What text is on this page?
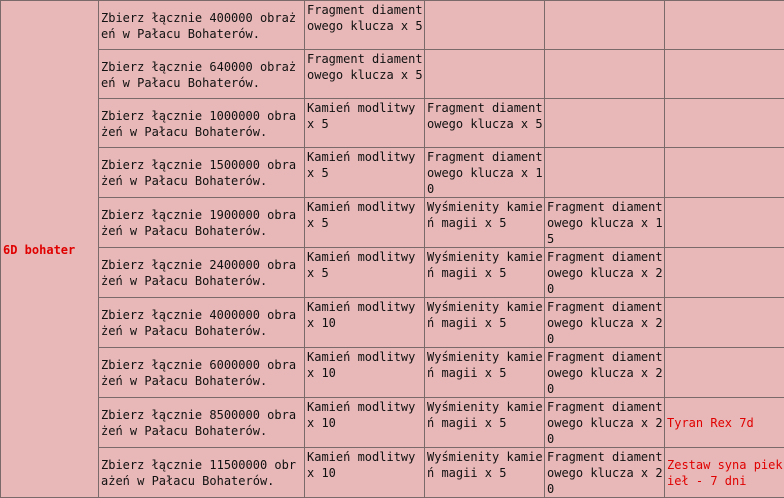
6D bohater	Zbierz łącznie 400000 obrażeń w Pałacu Bohaterów.	Fragment diamentowego klucza x 5			
	Zbierz łącznie 640000 obrażeń w Pałacu Bohaterów.	Fragment diamentowego klucza x 5			
	Zbierz łącznie 1000000 obrażeń w Pałacu Bohaterów.	Kamień modlitwy x 5	Fragment diamentowego klucza x 5		
	Zbierz łącznie 1500000 obrażeń w Pałacu Bohaterów.	Kamień modlitwy x 5	Fragment diamentowego klucza x 10		
	Zbierz łącznie 1900000 obrażeń w Pałacu Bohaterów.	Kamień modlitwy x 5	Wyśmienity kamień magii x 5	Fragment diamentowego klucza x 15	
	Zbierz łącznie 2400000 obrażeń w Pałacu Bohaterów.	Kamień modlitwy x 5	Wyśmienity kamień magii x 5	Fragment diamentowego klucza x 20	
	Zbierz łącznie 4000000 obrażeń w Pałacu Bohaterów.	Kamień modlitwy x 10	Wyśmienity kamień magii x 5	Fragment diamentowego klucza x 20	
	Zbierz łącznie 6000000 obrażeń w Pałacu Bohaterów.	Kamień modlitwy x 10	Wyśmienity kamień magii x 5	Fragment diamentowego klucza x 20	
	Zbierz łącznie 8500000 obrażeń w Pałacu Bohaterów.	Kamień modlitwy x 10	Wyśmienity kamień magii x 5	Fragment diamentowego klucza x 20	Tyran Rex 7d
	Zbierz łącznie 11500000 obrażeń w Pałacu Bohaterów.	Kamień modlitwy x 10	Wyśmienity kamień magii x 5	Fragment diamentowego klucza x 20	Zestaw syna piekieł - 7 dni
